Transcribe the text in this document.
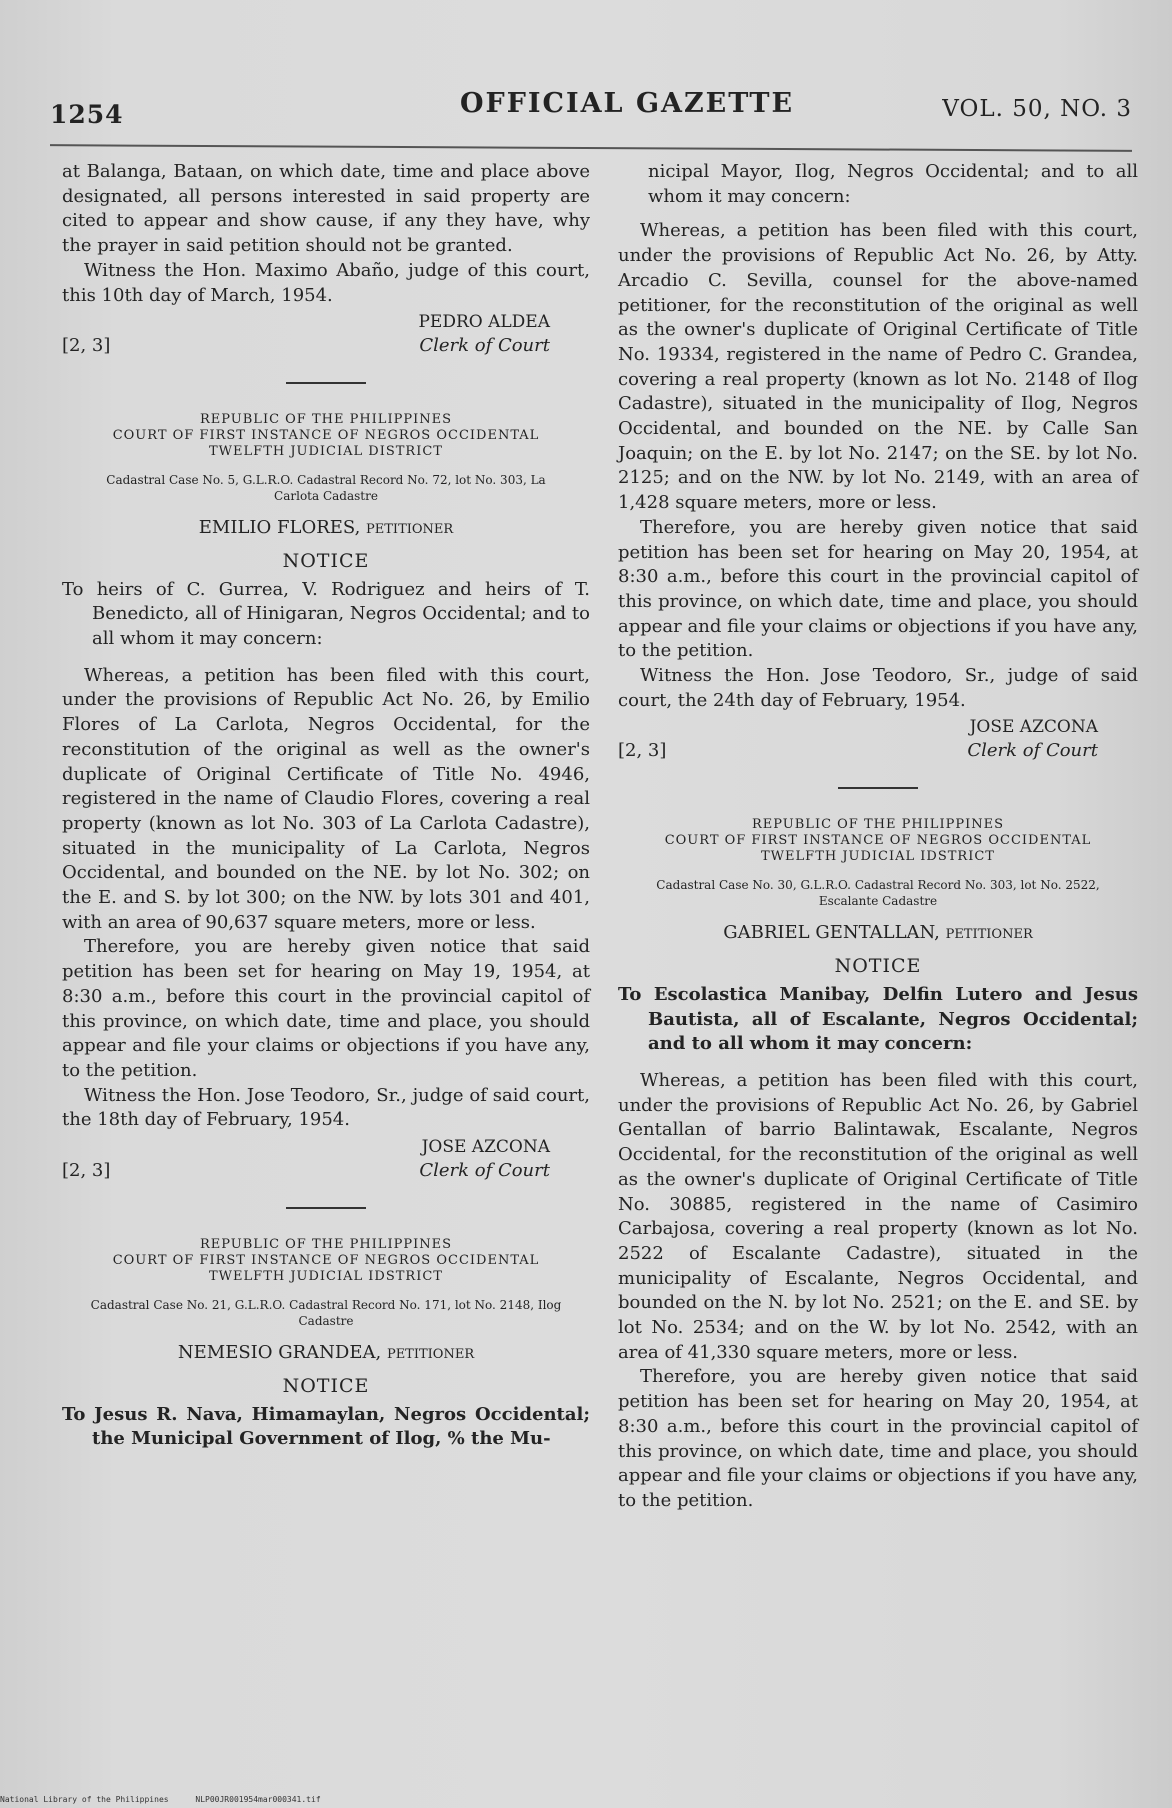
1254	OFFICIAL GAZETTE	VOL. 50, NO. 3

at Balanga, Bataan, on which date, time and place above designated, all persons interested in said property are cited to appear and show cause, if any they have, why the prayer in said petition should not be granted.

Witness the Hon. Maximo Abaño, judge of this court, this 10th day of March, 1954.

PEDRO ALDEA
[2, 3]	Clerk of Court
REPUBLIC OF THE PHILIPPINES
COURT OF FIRST INSTANCE OF NEGROS OCCIDENTAL
TWELFTH JUDICIAL DISTRICT
Cadastral Case No. 5, G.L.R.O. Cadastral Record No. 72, lot No. 303, La Carlota Cadastre
EMILIO FLORES, petitioner
NOTICE

To heirs of C. Gurrea, V. Rodriguez and heirs of T. Benedicto, all of Hinigaran, Negros Occidental; and to all whom it may concern:

Whereas, a petition has been filed with this court, under the provisions of Republic Act No. 26, by Emilio Flores of La Carlota, Negros Occidental, for the reconstitution of the original as well as the owner's duplicate of Original Certificate of Title No. 4946, registered in the name of Claudio Flores, covering a real property (known as lot No. 303 of La Carlota Cadastre), situated in the municipality of La Carlota, Negros Occidental, and bounded on the NE. by lot No. 302; on the E. and S. by lot 300; on the NW. by lots 301 and 401, with an area of 90,637 square meters, more or less.

Therefore, you are hereby given notice that said petition has been set for hearing on May 19, 1954, at 8:30 a.m., before this court in the provincial capitol of this province, on which date, time and place, you should appear and file your claims or objections if you have any, to the petition.

Witness the Hon. Jose Teodoro, Sr., judge of said court, the 18th day of February, 1954.

JOSE AZCONA
[2, 3]	Clerk of Court
REPUBLIC OF THE PHILIPPINES
COURT OF FIRST INSTANCE OF NEGROS OCCIDENTAL
TWELFTH JUDICIAL IDSTRICT
Cadastral Case No. 21, G.L.R.O. Cadastral Record No. 171, lot No. 2148, Ilog Cadastre
NEMESIO GRANDEA, petitioner
NOTICE

To Jesus R. Nava, Himamaylan, Negros Occidental; the Municipal Government of Ilog, % the Mu-

nicipal Mayor, Ilog, Negros Occidental; and to all whom it may concern:

Whereas, a petition has been filed with this court, under the provisions of Republic Act No. 26, by Atty. Arcadio C. Sevilla, counsel for the above-named petitioner, for the reconstitution of the original as well as the owner's duplicate of Original Certificate of Title No. 19334, registered in the name of Pedro C. Grandea, covering a real property (known as lot No. 2148 of Ilog Cadastre), situated in the municipality of Ilog, Negros Occidental, and bounded on the NE. by Calle San Joaquin; on the E. by lot No. 2147; on the SE. by lot No. 2125; and on the NW. by lot No. 2149, with an area of 1,428 square meters, more or less.

Therefore, you are hereby given notice that said petition has been set for hearing on May 20, 1954, at 8:30 a.m., before this court in the provincial capitol of this province, on which date, time and place, you should appear and file your claims or objections if you have any, to the petition.

Witness the Hon. Jose Teodoro, Sr., judge of said court, the 24th day of February, 1954.

JOSE AZCONA
[2, 3]	Clerk of Court
REPUBLIC OF THE PHILIPPINES
COURT OF FIRST INSTANCE OF NEGROS OCCIDENTAL
TWELFTH JUDICIAL IDSTRICT
Cadastral Case No. 30, G.L.R.O. Cadastral Record No. 303, lot No. 2522, Escalante Cadastre
GABRIEL GENTALLAN, petitioner
NOTICE

To Escolastica Manibay, Delfin Lutero and Jesus Bautista, all of Escalante, Negros Occidental; and to all whom it may concern:

Whereas, a petition has been filed with this court, under the provisions of Republic Act No. 26, by Gabriel Gentallan of barrio Balintawak, Escalante, Negros Occidental, for the reconstitution of the original as well as the owner's duplicate of Original Certificate of Title No. 30885, registered in the name of Casimiro Carbajosa, covering a real property (known as lot No. 2522 of Escalante Cadastre), situated in the municipality of Escalante, Negros Occidental, and bounded on the N. by lot No. 2521; on the E. and SE. by lot No. 2534; and on the W. by lot No. 2542, with an area of 41,330 square meters, more or less.

Therefore, you are hereby given notice that said petition has been set for hearing on May 20, 1954, at 8:30 a.m., before this court in the provincial capitol of this province, on which date, time and place, you should appear and file your claims or objections if you have any, to the petition.

National Library of the Philippines	NLP00JR001954mar000341.tif
